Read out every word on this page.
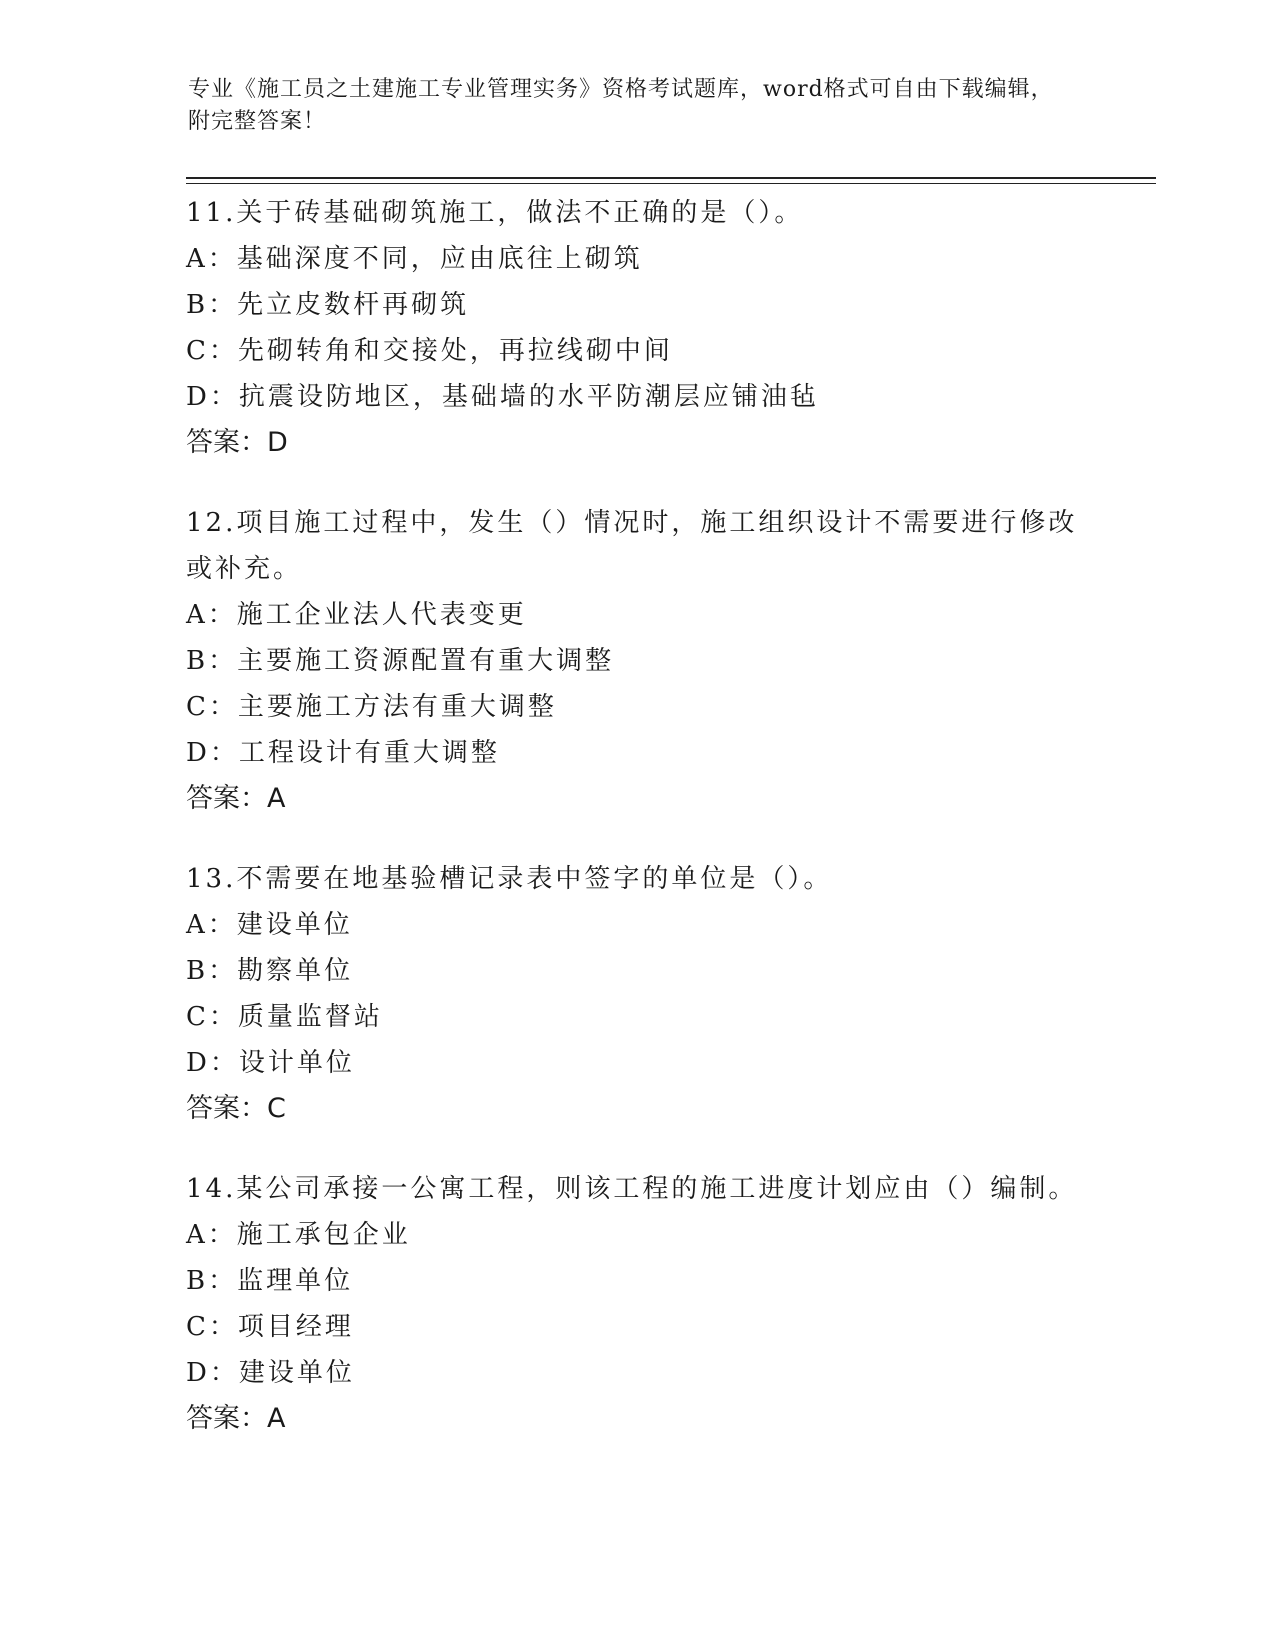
专业《施工员之土建施工专业管理实务》资格考试题库，word格式可自由下载编辑，附完整答案！
11.关于砖基础砌筑施工，做法不正确的是（）。
A：基础深度不同，应由底往上砌筑
B：先立皮数杆再砌筑
C：先砌转角和交接处，再拉线砌中间
D：抗震设防地区，基础墙的水平防潮层应铺油毡
答案：D
12.项目施工过程中，发生（）情况时，施工组织设计不需要进行修改或补充。
A：施工企业法人代表变更
B：主要施工资源配置有重大调整
C：主要施工方法有重大调整
D：工程设计有重大调整
答案：A
13.不需要在地基验槽记录表中签字的单位是（）。
A：建设单位
B：勘察单位
C：质量监督站
D：设计单位
答案：C
14.某公司承接一公寓工程，则该工程的施工进度计划应由（）编制。
A：施工承包企业
B：监理单位
C：项目经理
D：建设单位
答案：A
